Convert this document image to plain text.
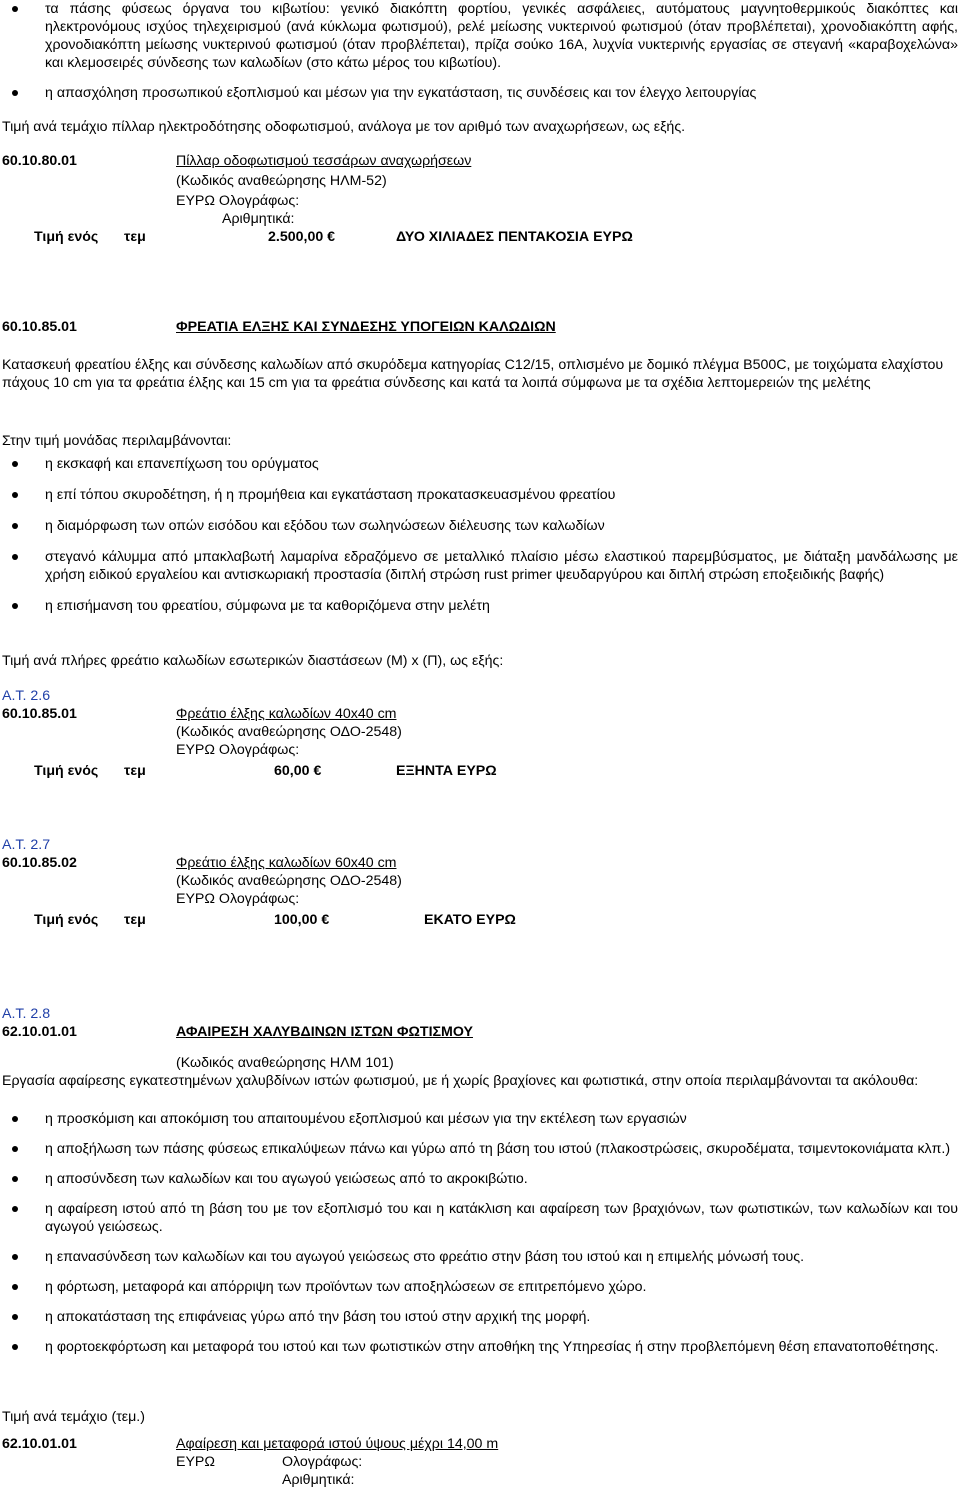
τα πάσης φύσεως όργανα του κιβωτίου: γενικό διακόπτη φορτίου, γενικές ασφάλειες, αυτόματους μαγνητοθερμικούς διακόπτες και ηλεκτρονόμους ισχύος τηλεχειρισμού (ανά κύκλωμα φωτισμού), ρελέ μείωσης νυκτερινού φωτισμού (όταν προβλέπεται), χρονοδιακόπτη αφής, χρονοδιακόπτη μείωσης νυκτερινού φωτισμού (όταν προβλέπεται), πρίζα σούκο 16Α, λυχνία νυκτερινής εργασίας σε στεγανή «καραβοχελώνα» και κλεμοσειρές σύνδεσης των καλωδίων (στο κάτω μέρος του κιβωτίου).
η απασχόληση προσωπικού εξοπλισμού και μέσων για την εγκατάσταση, τις συνδέσεις και τον έλεγχο λειτουργίας

Τιμή ανά τεμάχιο πίλλαρ ηλεκτροδότησης οδοφωτισμού, ανάλογα με τον αριθμό των αναχωρήσεων, ως εξής.

60.10.80.01	Πίλλαρ οδοφωτισμού τεσσάρων αναχωρήσεων
(Κωδικός αναθεώρησης ΗΛΜ-52)
ΕΥΡΩ Ολογράφως:
Αριθμητικά:
Τιμή ενός τεμ	2.500,00 €	ΔΥΟ ΧΙΛΙΑΔΕΣ ΠΕΝΤΑΚΟΣΙΑ ΕΥΡΩ
60.10.85.01	ΦΡΕΑΤΙΑ ΕΛΞΗΣ ΚΑΙ ΣΥΝΔΕΣΗΣ ΥΠΟΓΕΙΩΝ ΚΑΛΩΔΙΩΝ

Κατασκευή φρεατίου έλξης και σύνδεσης καλωδίων από σκυρόδεμα κατηγορίας C12/15, οπλισμένο με δομικό πλέγμα Β500C, με τοιχώματα ελαχίστου πάχους 10 cm για τα φρεάτια έλξης και 15 cm για τα φρεάτια σύνδεσης και κατά τα λοιπά σύμφωνα με τα σχέδια λεπτομερειών της μελέτης

Στην τιμή μονάδας περιλαμβάνονται:

η εκσκαφή και επανεπίχωση του ορύγματος
η επί τόπου σκυροδέτηση, ή η προμήθεια και εγκατάσταση προκατασκευασμένου φρεατίου
η διαμόρφωση των οπών εισόδου και εξόδου των σωληνώσεων διέλευσης των καλωδίων
στεγανό κάλυμμα από μπακλαβωτή λαμαρίνα εδραζόμενο σε μεταλλικό πλαίσιο μέσω ελαστικού παρεμβύσματος, με διάταξη μανδάλωσης με χρήση ειδικού εργαλείου και αντισκωριακή προστασία (διπλή στρώση rust primer ψευδαργύρου και διπλή στρώση εποξειδικής βαφής)
η επισήμανση του φρεατίου, σύμφωνα με τα καθοριζόμενα στην μελέτη

Τιμή ανά πλήρες φρεάτιο καλωδίων εσωτερικών διαστάσεων (Μ) x (Π), ως εξής:

Α.Τ. 2.6
60.10.85.01	Φρεάτιο έλξης καλωδίων 40x40 cm
(Κωδικός αναθεώρησης ΟΔΟ-2548)
ΕΥΡΩ Ολογράφως:
Τιμή ενός τεμ	60,00 €	ΕΞΗΝΤΑ ΕΥΡΩ
Α.Τ. 2.7
60.10.85.02	Φρεάτιο έλξης καλωδίων 60x40 cm
(Κωδικός αναθεώρησης ΟΔΟ-2548)
ΕΥΡΩ Ολογράφως:
Τιμή ενός τεμ	100,00 €	ΕΚΑΤΟ ΕΥΡΩ
Α.Τ. 2.8
62.10.01.01	ΑΦΑΙΡΕΣΗ ΧΑΛΥΒΔΙΝΩΝ ΙΣΤΩΝ ΦΩΤΙΣΜΟΥ
(Κωδικός αναθεώρησης ΗΛΜ 101)

Εργασία αφαίρεσης εγκατεστημένων χαλυβδίνων ιστών φωτισμού, με ή χωρίς βραχίονες και φωτιστικά, στην οποία περιλαμβάνονται τα ακόλουθα:

η προσκόμιση και αποκόμιση του απαιτουμένου εξοπλισμού και μέσων για την εκτέλεση των εργασιών
η αποξήλωση των πάσης φύσεως επικαλύψεων πάνω και γύρω από τη βάση του ιστού (πλακοστρώσεις, σκυροδέματα, τσιμεντοκονιάματα κλπ.)
η αποσύνδεση των καλωδίων και του αγωγού γειώσεως από το ακροκιβώτιο.
η αφαίρεση ιστού από τη βάση του με τον εξοπλισμό του και η κατάκλιση και αφαίρεση των βραχιόνων, των φωτιστικών, των καλωδίων και του αγωγού γειώσεως.
η επανασύνδεση των καλωδίων και του αγωγού γειώσεως στο φρεάτιο στην βάση του ιστού και η επιμελής μόνωσή τους.
η φόρτωση, μεταφορά και απόρριψη των προϊόντων των αποξηλώσεων σε επιτρεπόμενο χώρο.
η αποκατάσταση της επιφάνειας γύρω από την βάση του ιστού στην αρχική της μορφή.
η φορτοεκφόρτωση και μεταφορά του ιστού και των φωτιστικών στην αποθήκη της Υπηρεσίας ή στην προβλεπόμενη θέση επανατοποθέτησης.

Τιμή ανά τεμάχιο (τεμ.)

62.10.01.01	Αφαίρεση και μεταφορά ιστού ύψους μέχρι 14,00 m
ΕΥΡΩ	Ολογράφως:
Αριθμητικά:
